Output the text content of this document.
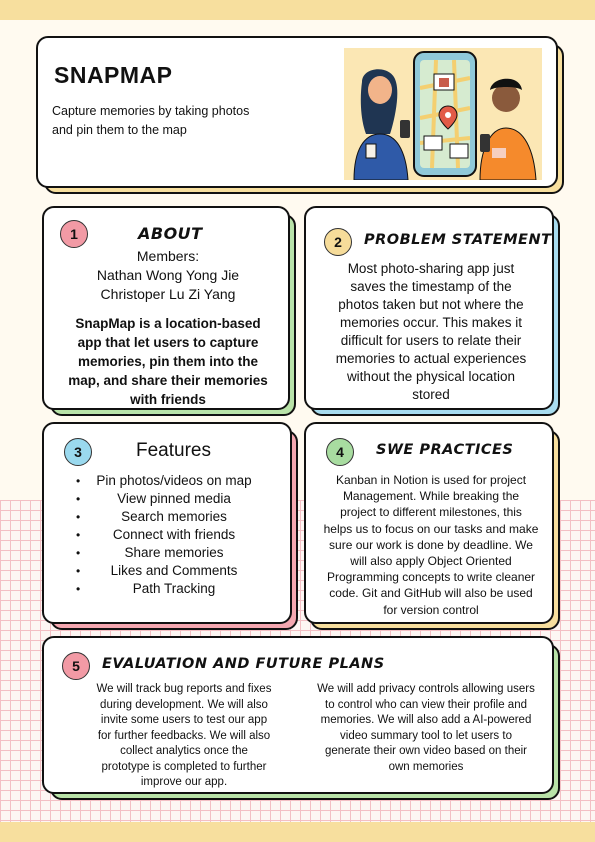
SNAPMAP
Capture memories by taking photos
and pin them to the map
1	ABOUT
Members:
Nathan Wong Yong Jie
Christoper Lu Zi Yang
SnapMap is a location-based
app that let users to capture
memories, pin them into the
map, and share their memories
with friends
2	PROBLEM STATEMENT
Most photo-sharing app just
saves the timestamp of the
photos taken but not where the
memories occur. This makes it
difficult for users to relate their
memories to actual experiences
without the physical location
stored
3	Features
•	Pin photos/videos on map
•	View pinned media
•	Search memories
•	Connect with friends
•	Share memories
•	Likes and Comments
•	Path Tracking
4	SWE PRACTICES
Kanban in Notion is used for project
Management. While breaking the
project to different milestones, this
helps us to focus on our tasks and make
sure our work is done by deadline. We
will also apply Object Oriented
Programming concepts to write cleaner
code. Git and GitHub will also be used
for version control
5	EVALUATION AND FUTURE PLANS
We will track bug reports and fixes
during development. We will also
invite some users to test our app
for further feedbacks. We will also
collect analytics once the
prototype is completed to further
improve our app.
We will add privacy controls allowing users
to control who can view their profile and
memories. We will also add a AI-powered
video summary tool to let users to
generate their own video based on their
own memories
